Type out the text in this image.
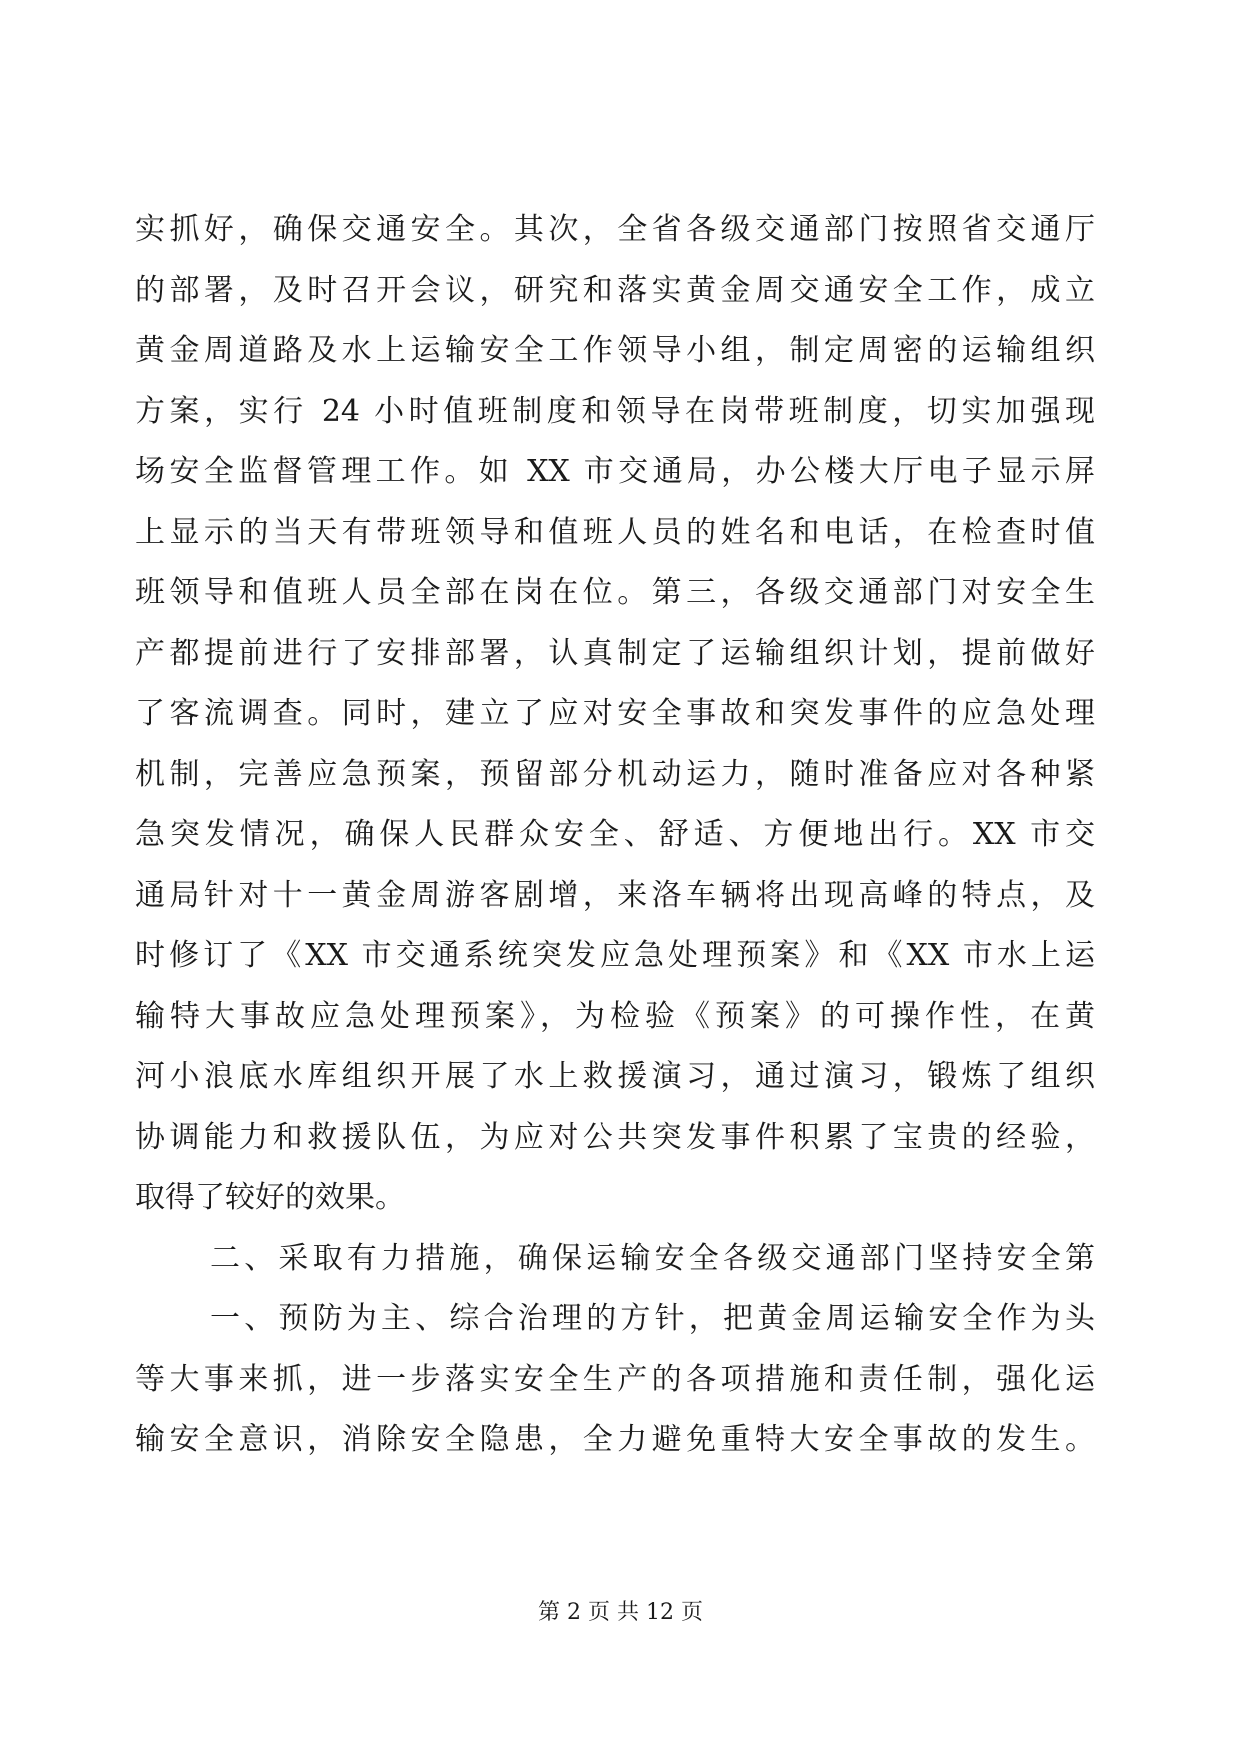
实抓好，确保交通安全。其次，全省各级交通部门按照省交通厅
的部署，及时召开会议，研究和落实黄金周交通安全工作，成立
黄金周道路及水上运输安全工作领导小组，制定周密的运输组织
方案，实行 24 小时值班制度和领导在岗带班制度，切实加强现
场安全监督管理工作。如 XX 市交通局，办公楼大厅电子显示屏
上显示的当天有带班领导和值班人员的姓名和电话，在检查时值
班领导和值班人员全部在岗在位。第三，各级交通部门对安全生
产都提前进行了安排部署，认真制定了运输组织计划，提前做好
了客流调查。同时，建立了应对安全事故和突发事件的应急处理
机制，完善应急预案，预留部分机动运力，随时准备应对各种紧
急突发情况，确保人民群众安全、舒适、方便地出行。XX 市交
通局针对十一黄金周游客剧增，来洛车辆将出现高峰的特点，及
时修订了《XX 市交通系统突发应急处理预案》和《XX 市水上运
输特大事故应急处理预案》，为检验《预案》的可操作性，在黄
河小浪底水库组织开展了水上救援演习，通过演习，锻炼了组织
协调能力和救援队伍，为应对公共突发事件积累了宝贵的经验，
取得了较好的效果。
二、采取有力措施，确保运输安全各级交通部门坚持安全第
一、预防为主、综合治理的方针，把黄金周运输安全作为头
等大事来抓，进一步落实安全生产的各项措施和责任制，强化运
输安全意识，消除安全隐患，全力避免重特大安全事故的发生。
第 2 页 共 12 页
